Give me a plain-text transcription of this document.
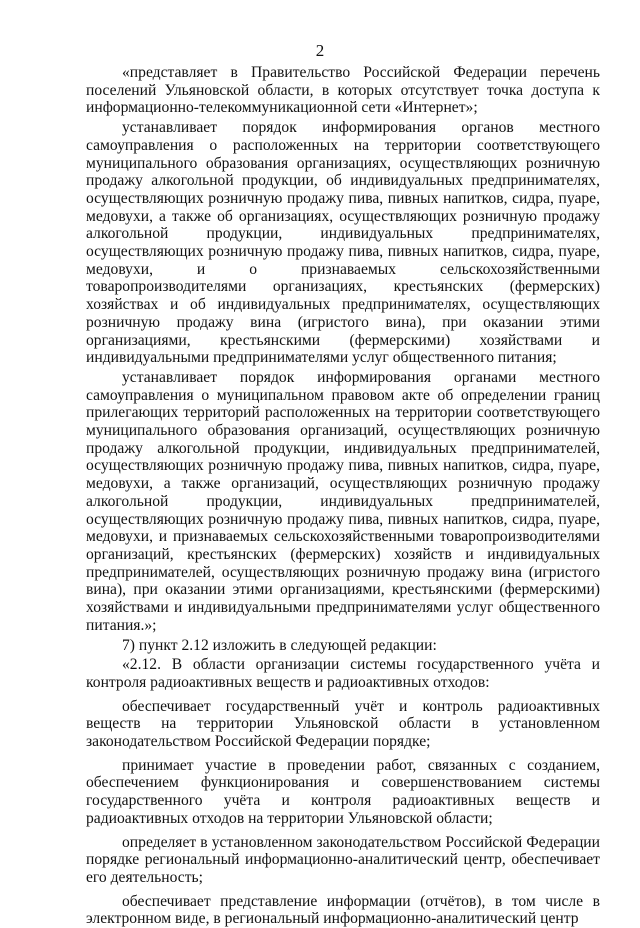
2

«представляет в Правительство Российской Федерации перечень поселений Ульяновской области, в которых отсутствует точка доступа к информационно-телекоммуникационной сети «Интернет»;

устанавливает порядок информирования органов местного самоуправления о расположенных на территории соответствующего муниципального образования организациях, осуществляющих розничную продажу алкогольной продукции, об индивидуальных предпринимателях, осуществляющих розничную продажу пива, пивных напитков, сидра, пуаре, медовухи, а также об организациях, осуществляющих розничную продажу алкогольной продукции, индивидуальных предпринимателях, осуществляющих розничную продажу пива, пивных напитков, сидра, пуаре, медовухи, и о признаваемых сельскохозяйственными товаропроизводителями организациях, крестьянских (фермерских) хозяйствах и об индивидуальных предпринимателях, осуществляющих розничную продажу вина (игристого вина), при оказании этими организациями, крестьянскими (фермерскими) хозяйствами и индивидуальными предпринимателями услуг общественного питания;

устанавливает порядок информирования органами местного самоуправления о муниципальном правовом акте об определении границ прилегающих территорий расположенных на территории соответствующего муниципального образования организаций, осуществляющих розничную продажу алкогольной продукции, индивидуальных предпринимателей, осуществляющих розничную продажу пива, пивных напитков, сидра, пуаре, медовухи, а также организаций, осуществляющих розничную продажу алкогольной продукции, индивидуальных предпринимателей, осуществляющих розничную продажу пива, пивных напитков, сидра, пуаре, медовухи, и признаваемых сельскохозяйственными товаропроизводителями организаций, крестьянских (фермерских) хозяйств и индивидуальных предпринимателей, осуществляющих розничную продажу вина (игристого вина), при оказании этими организациями, крестьянскими (фермерскими) хозяйствами и индивидуальными предпринимателями услуг общественного питания.»;

7) пункт 2.12 изложить в следующей редакции:

«2.12. В области организации системы государственного учёта и контроля радиоактивных веществ и радиоактивных отходов:

обеспечивает государственный учёт и контроль радиоактивных веществ на территории Ульяновской области в установленном законодательством Российской Федерации порядке;

принимает участие в проведении работ, связанных с созданием, обеспечением функционирования и совершенствованием системы государственного учёта и контроля радиоактивных веществ и радиоактивных отходов на территории Ульяновской области;

определяет в установленном законодательством Российской Федерации порядке региональный информационно-аналитический центр, обеспечивает его деятельность;

обеспечивает представление информации (отчётов), в том числе в электронном виде, в региональный информационно-аналитический центр
